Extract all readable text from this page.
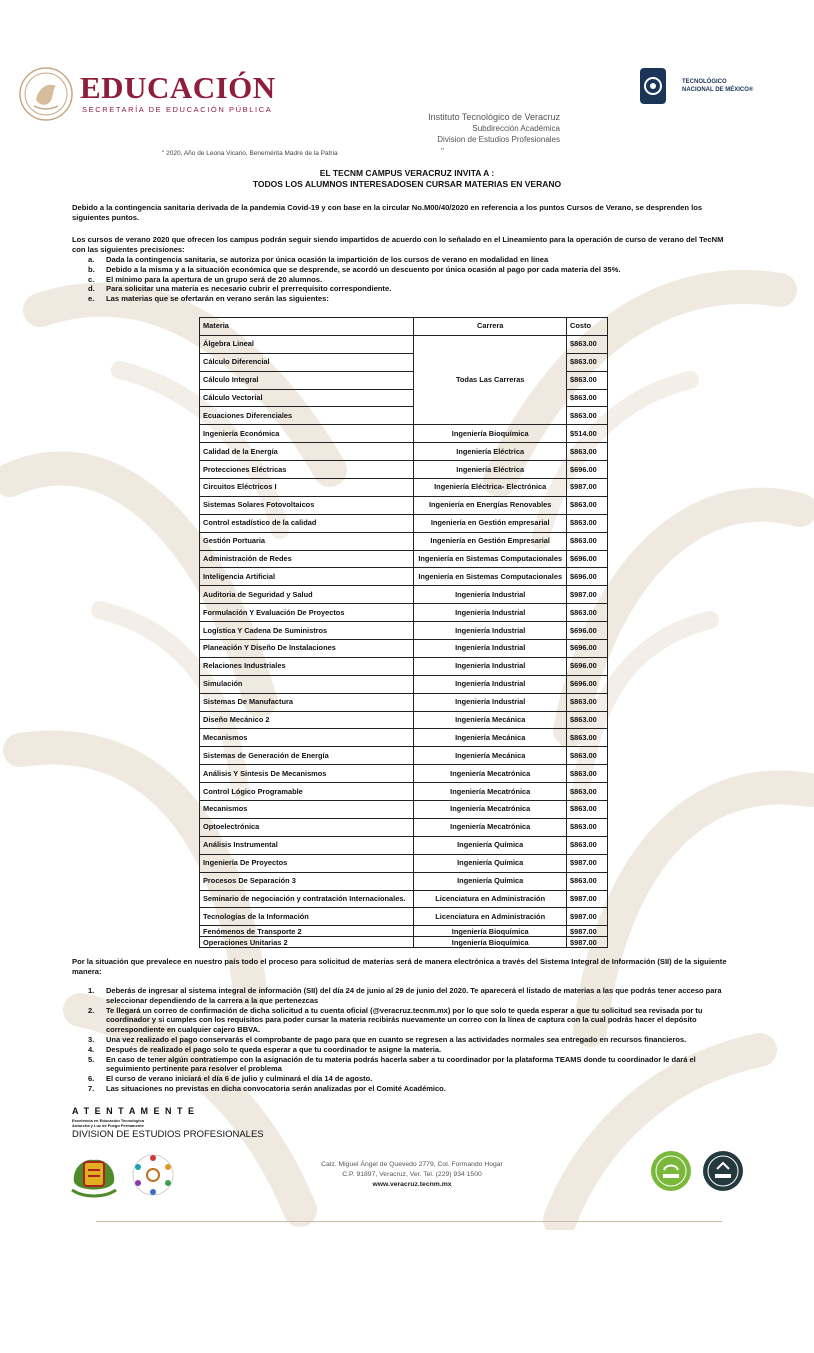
EDUCACIÓN
SECRETARÍA DE EDUCACIÓN PÚBLICA
TECNOLÓGICO
NACIONAL DE MÉXICO®
Instituto Tecnológico de Veracruz
Subdirección Académica
Division de Estudios Profesionales
"
" 2020, Año de Leona Vicario, Benemérita Madre de la Patria
EL TECNM CAMPUS VERACRUZ INVITA A :
TODOS LOS ALUMNOS INTERESADOSEN CURSAR MATERIAS EN VERANO
Debido a la contingencia sanitaria derivada de la pandemia Covid-19 y con base en la circular No.M00/40/2020 en referencia a los puntos Cursos de Verano, se desprenden los siguientes puntos.
Los cursos de verano 2020 que ofrecen los campus podrán seguir siendo impartidos de acuerdo con lo señalado en el Lineamiento para la operación de curso de verano del TecNM con las siguientes precisiones:
a. Dada la contingencia sanitaria, se autoriza por única ocasión la impartición de los cursos de verano en modalidad en línea
b. Debido a la misma y a la situación económica que se desprende, se acordó un descuento por única ocasión al pago por cada materia del 35%.
c. El mínimo para la apertura de un grupo será de 20 alumnos.
d. Para solicitar una materia es necesario cubrir el prerrequisito correspondiente.
e. Las materias que se ofertarán en verano serán las siguientes:
Materia	Carrera	Costo
Álgebra Lineal	Todas Las Carreras	$863.00
Cálculo Diferencial		$863.00
Cálculo Integral		$863.00
Cálculo Vectorial		$863.00
Ecuaciones Diferenciales		$863.00
Ingeniería Económica	Ingeniería Bioquímica	$514.00
Calidad de la Energía	Ingeniería Eléctrica	$863.00
Protecciones Eléctricas	Ingeniería Eléctrica	$696.00
Circuitos Eléctricos I	Ingeniería Eléctrica- Electrónica	$987.00
Sistemas Solares Fotovoltaicos	Ingeniería en Energías Renovables	$863.00
Control estadístico de la calidad	Ingeniería en Gestión empresarial	$863.00
Gestión Portuaria	Ingeniería en Gestión Empresarial	$863.00
Administración de Redes	Ingeniería en Sistemas Computacionales	$696.00
Inteligencia Artificial	Ingeniería en Sistemas Computacionales	$696.00
Auditoria de Seguridad y Salud	Ingeniería Industrial	$987.00
Formulación Y Evaluación De Proyectos	Ingeniería Industrial	$863.00
Logística Y Cadena De Suministros	Ingeniería Industrial	$696.00
Planeación Y Diseño De Instalaciones	Ingeniería Industrial	$696.00
Relaciones Industriales	Ingeniería Industrial	$696.00
Simulación	Ingeniería Industrial	$696.00
Sistemas De Manufactura	Ingeniería Industrial	$863.00
Diseño Mecánico 2	Ingeniería Mecánica	$863.00
Mecanismos	Ingeniería Mecánica	$863.00
Sistemas de Generación de Energía	Ingeniería Mecánica	$863.00
Análisis Y Síntesis De Mecanismos	Ingeniería Mecatrónica	$863.00
Control Lógico Programable	Ingeniería Mecatrónica	$863.00
Mecanismos	Ingeniería Mecatrónica	$863.00
Optoelectrónica	Ingeniería Mecatrónica	$863.00
Análisis Instrumental	Ingeniería Química	$863.00
Ingeniería De Proyectos	Ingeniería Química	$987.00
Procesos De Separación 3	Ingeniería Química	$863.00
Seminario de negociación y contratación Internacionales.	Licenciatura en Administración	$987.00
Tecnologías de la Información	Licenciatura en Administración	$987.00
Fenómenos de Transporte 2	Ingeniería Bioquímica	$987.00
Operaciones Unitarias 2	Ingeniería Bioquímica	$987.00
Por la situación que prevalece en nuestro país todo el proceso para solicitud de materias será de manera electrónica a través del Sistema Integral de Información (SII) de la siguiente manera:
1. Deberás de ingresar al sistema integral de información (SII) del día 24 de junio al 29 de junio del 2020. Te aparecerá el listado de materias a las que podrás tener acceso para seleccionar dependiendo de la carrera a la que pertenezcas
2. Te llegará un correo de confirmación de dicha solicitud a tu cuenta oficial (@veracruz.tecnm.mx) por lo que solo te queda esperar a que tu solicitud sea revisada por tu coordinador y si cumples con los requisitos para poder cursar la materia recibirás nuevamente un correo con la línea de captura con la cual podrás hacer el depósito correspondiente en cualquier cajero BBVA.
3. Una vez realizado el pago conservarás el comprobante de pago para que en cuanto se regresen a las actividades normales sea entregado en recursos financieros.
4. Después de realizado el pago solo te queda esperar a que tu coordinador te asigne la materia.
5. En caso de tener algún contratiempo con la asignación de tu materia podrás hacerla saber a tu coordinador por la plataforma TEAMS donde tu coordinador le dará el seguimiento pertinente para resolver el problema
6. El curso de verano iniciará el día 6 de julio y culminará el día 14 de agosto.
7. Las situaciones no previstas en dicha convocatoria serán analizadas por el Comité Académico.
A T E N T A M E N T E
Excelencia en Educación Tecnológica
Antorcha y Luz de Fuego Permanente
DIVISION DE ESTUDIOS PROFESIONALES
Calz. Miguel Ángel de Quevedo 2779, Col. Formando Hogar
C.P. 91897, Veracruz, Ver. Tel. (229) 934 1500
www.veracruz.tecnm.mx
